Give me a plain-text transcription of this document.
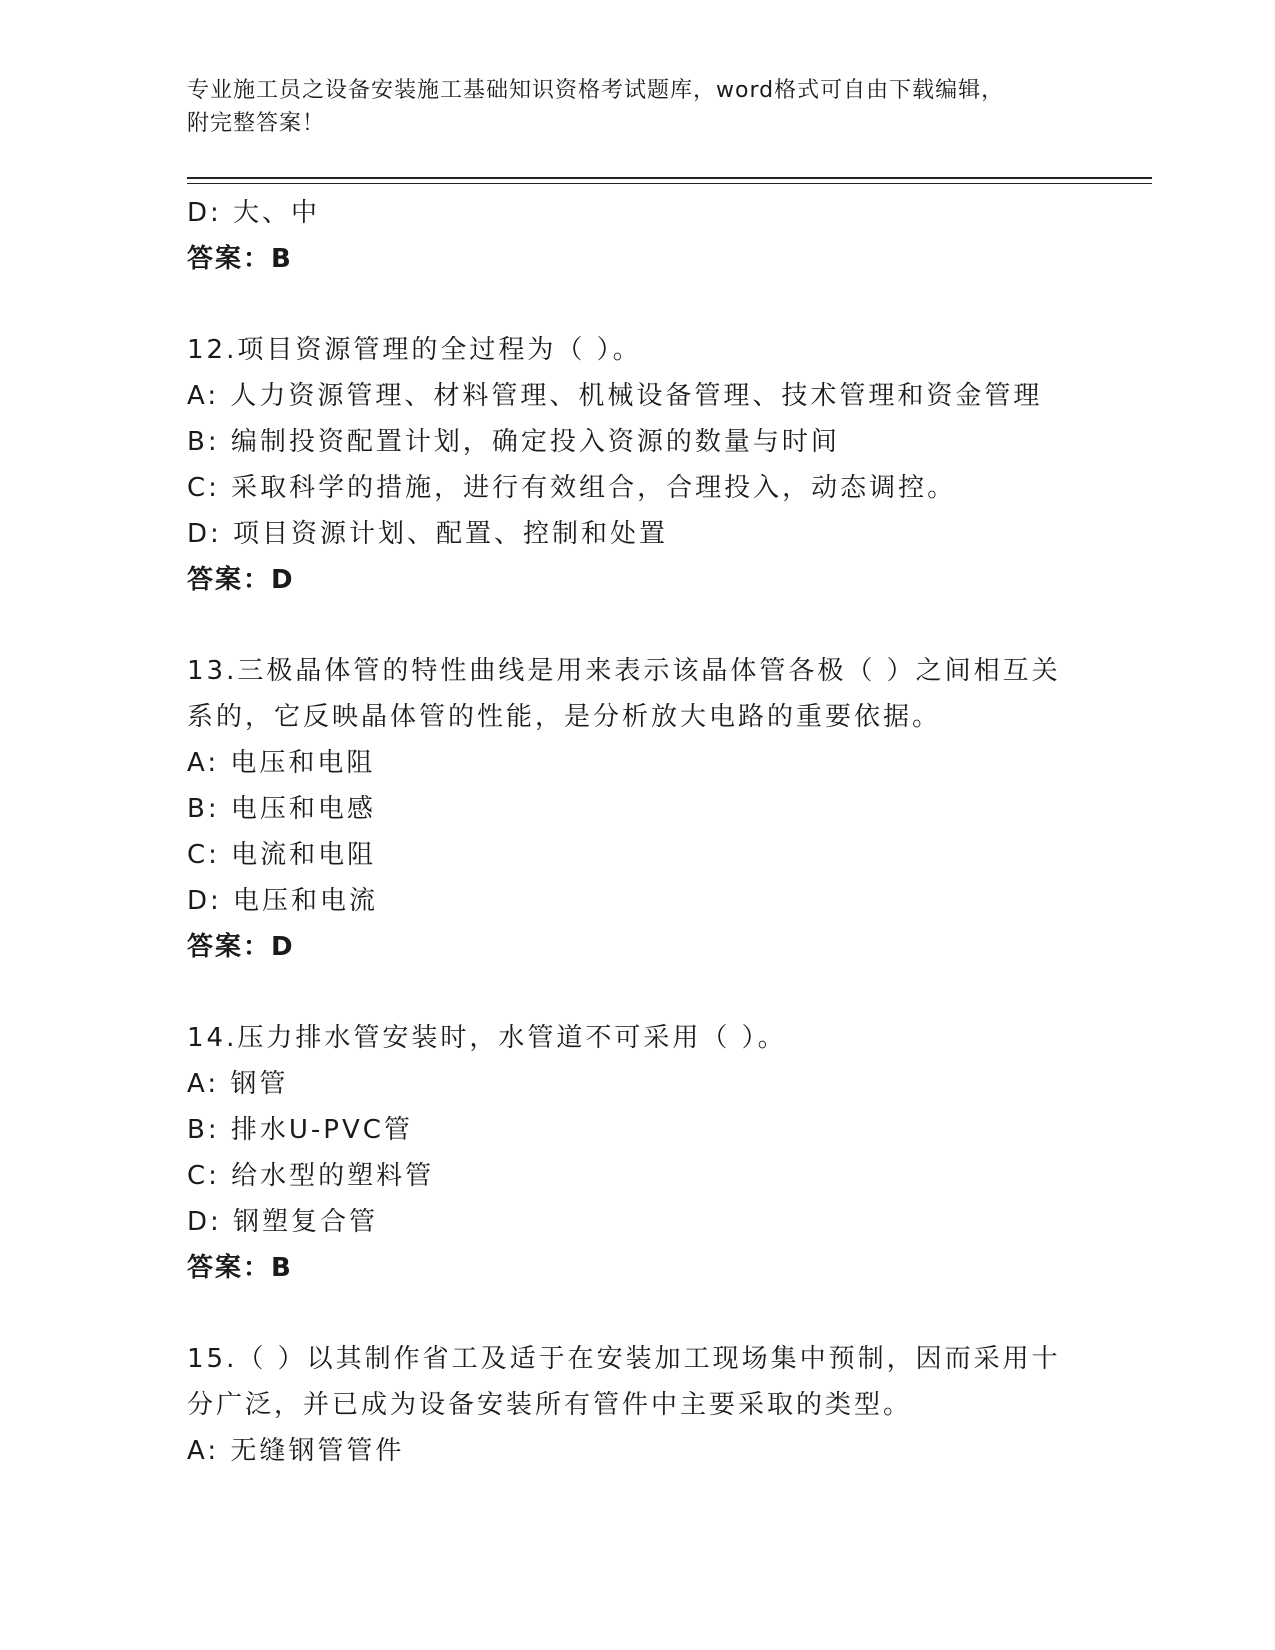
专业施工员之设备安装施工基础知识资格考试题库，word格式可自由下载编辑，
附完整答案！
D: 大、中
答案：B
12.项目资源管理的全过程为（ ）。
A: 人力资源管理、材料管理、机械设备管理、技术管理和资金管理
B: 编制投资配置计划，确定投入资源的数量与时间
C: 采取科学的措施，进行有效组合，合理投入，动态调控。
D: 项目资源计划、配置、控制和处置
答案：D
13.三极晶体管的特性曲线是用来表示该晶体管各极（ ）之间相互关
系的，它反映晶体管的性能，是分析放大电路的重要依据。
A: 电压和电阻
B: 电压和电感
C: 电流和电阻
D: 电压和电流
答案：D
14.压力排水管安装时，水管道不可采用（ ）。
A: 钢管
B: 排水U-PVC管
C: 给水型的塑料管
D: 钢塑复合管
答案：B
15.（ ）以其制作省工及适于在安装加工现场集中预制，因而采用十
分广泛，并已成为设备安装所有管件中主要采取的类型。
A: 无缝钢管管件
